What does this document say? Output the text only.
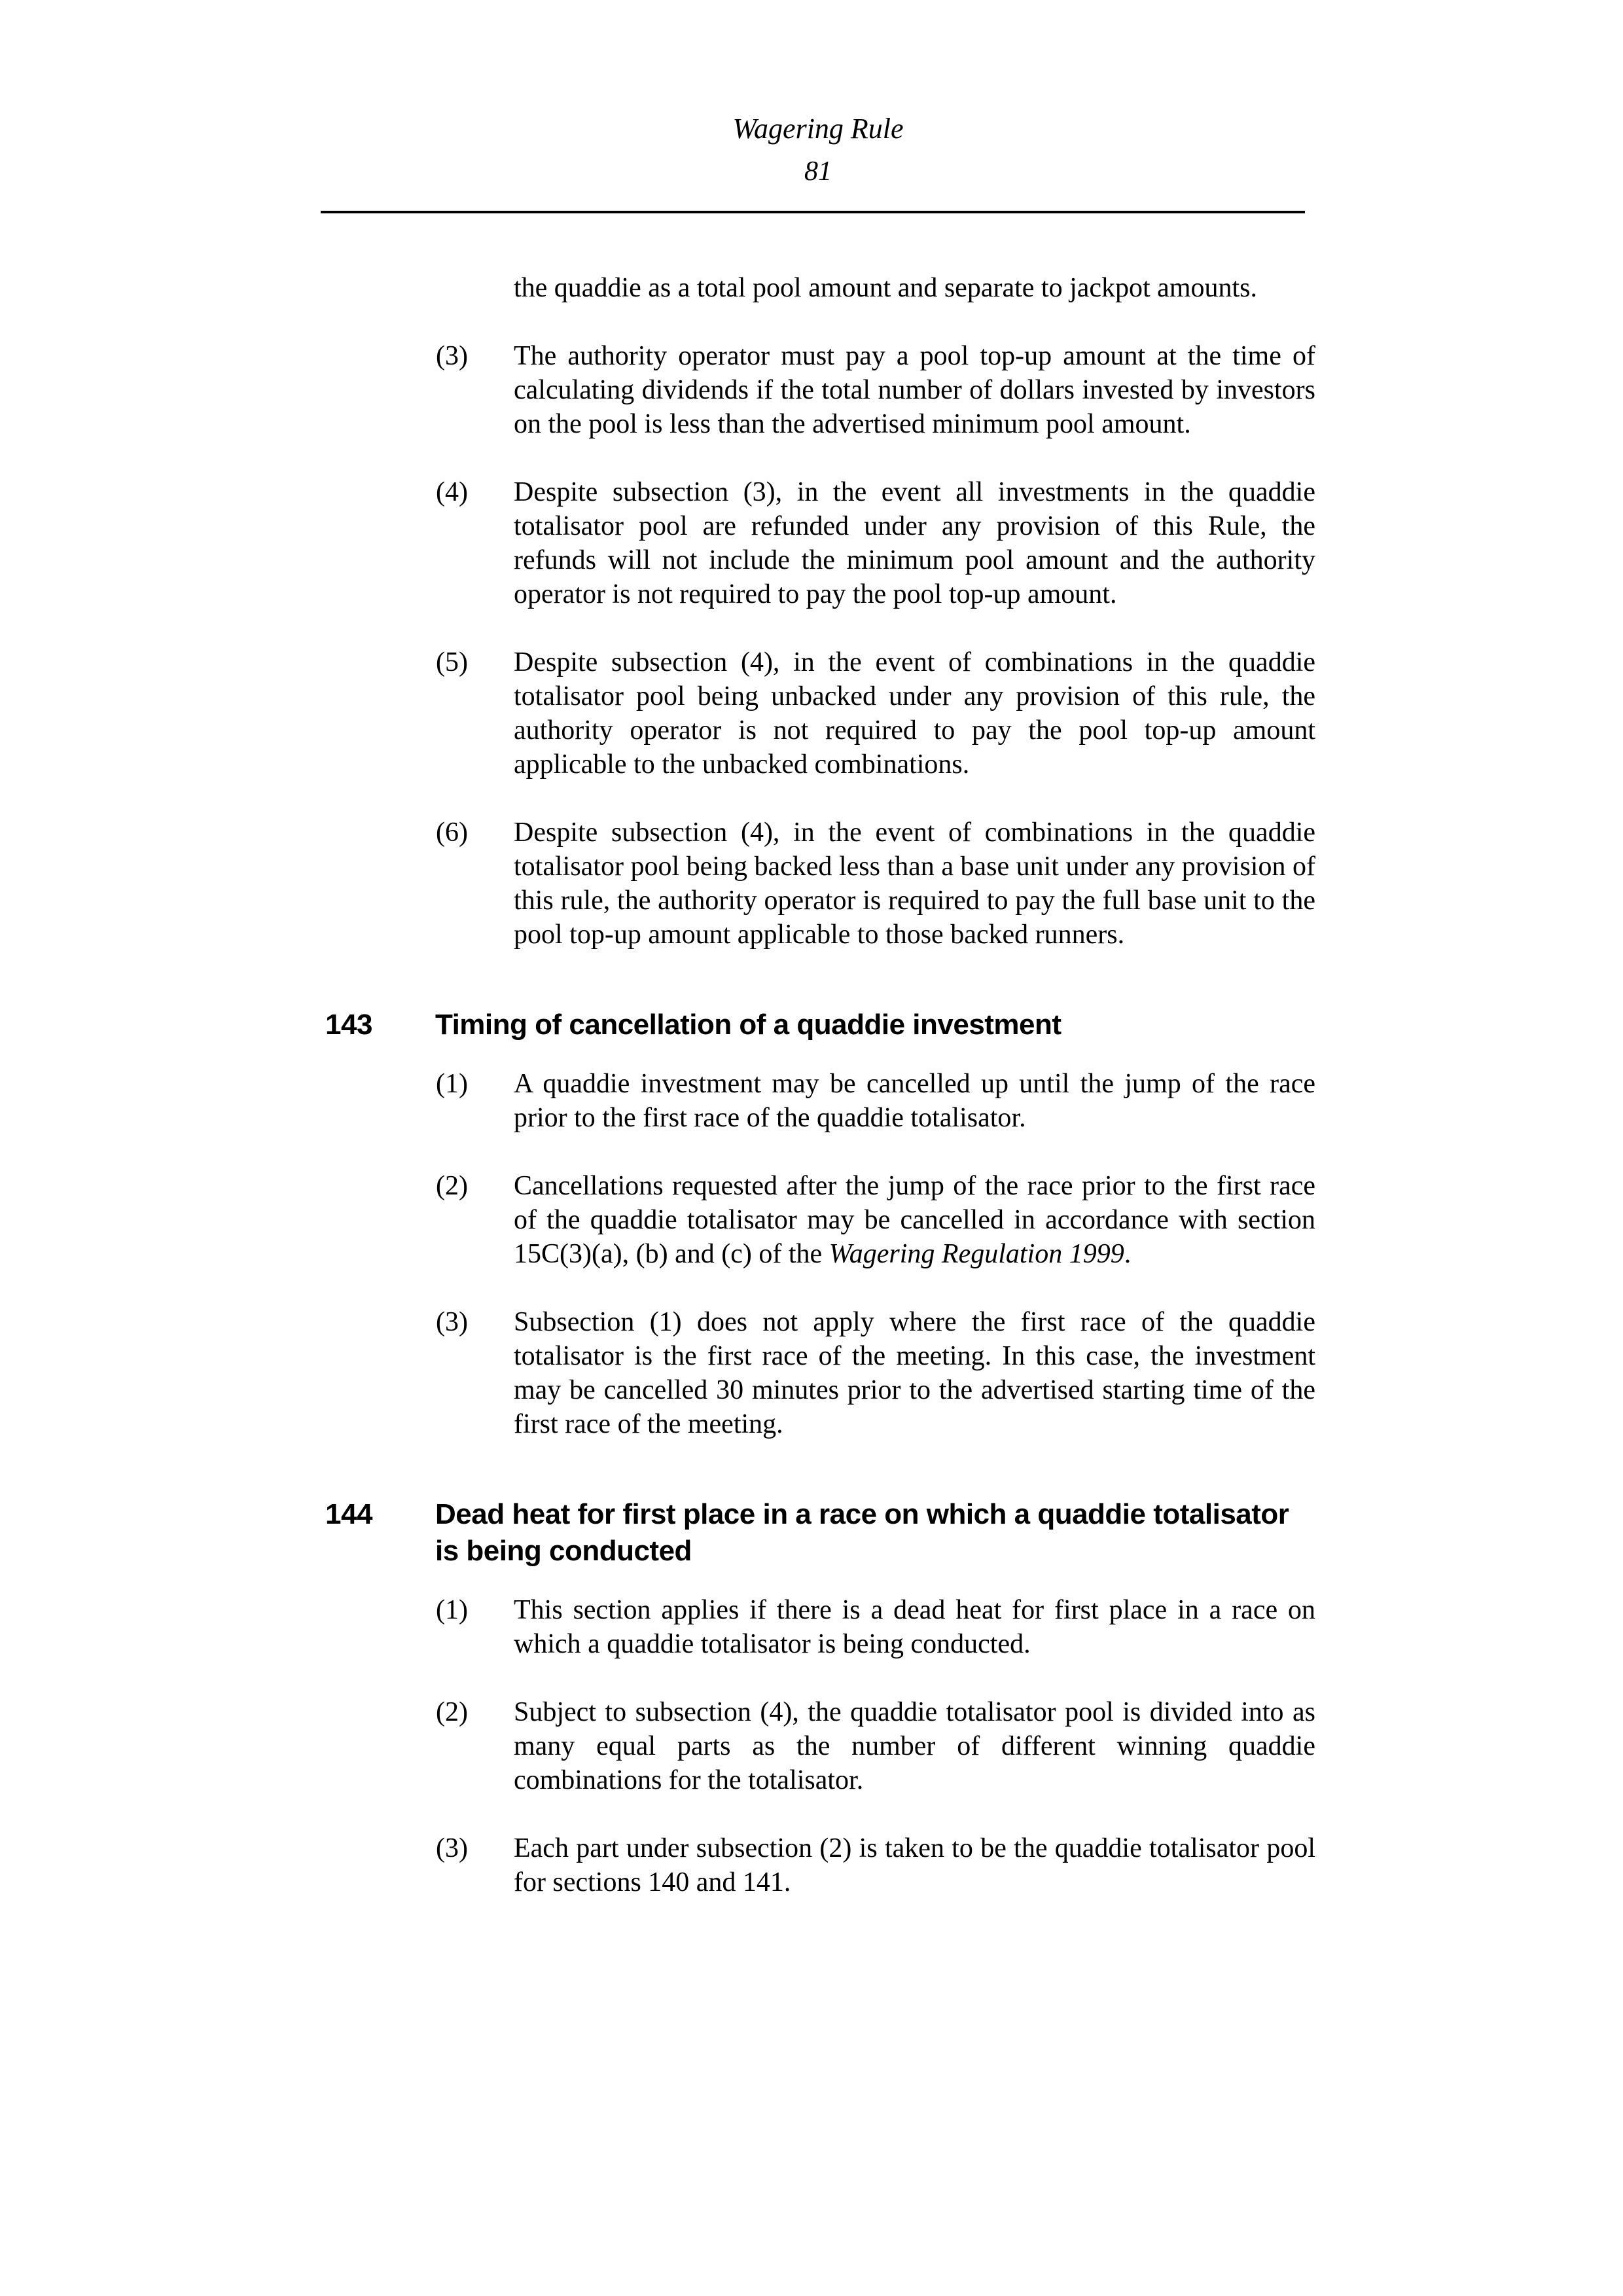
Wagering Rule
81

the quaddie as a total pool amount and separate to jackpot amounts.

(3)	The authority operator must pay a pool top-up amount at the time of calculating dividends if the total number of dollars invested by investors on the pool is less than the advertised minimum pool amount.
(4)	Despite subsection (3), in the event all investments in the quaddie totalisator pool are refunded under any provision of this Rule, the refunds will not include the minimum pool amount and the authority operator is not required to pay the pool top-up amount.
(5)	Despite subsection (4), in the event of combinations in the quaddie totalisator pool being unbacked under any provision of this rule, the authority operator is not required to pay the pool top-up amount applicable to the unbacked combinations.
(6)	Despite subsection (4), in the event of combinations in the quaddie totalisator pool being backed less than a base unit under any provision of this rule, the authority operator is required to pay the full base unit to the pool top-up amount applicable to those backed runners.
143	Timing of cancellation of a quaddie investment
(1)	A quaddie investment may be cancelled up until the jump of the race prior to the first race of the quaddie totalisator.
(2)	Cancellations requested after the jump of the race prior to the first race of the quaddie totalisator may be cancelled in accordance with section 15C(3)(a), (b) and (c) of the Wagering Regulation 1999.
(3)	Subsection (1) does not apply where the first race of the quaddie totalisator is the first race of the meeting. In this case, the investment may be cancelled 30 minutes prior to the advertised starting time of the first race of the meeting.
144	Dead heat for first place in a race on which a quaddie totalisator is being conducted
(1)	This section applies if there is a dead heat for first place in a race on which a quaddie totalisator is being conducted.
(2)	Subject to subsection (4), the quaddie totalisator pool is divided into as many equal parts as the number of different winning quaddie combinations for the totalisator.
(3)	Each part under subsection (2) is taken to be the quaddie totalisator pool for sections 140 and 141.
